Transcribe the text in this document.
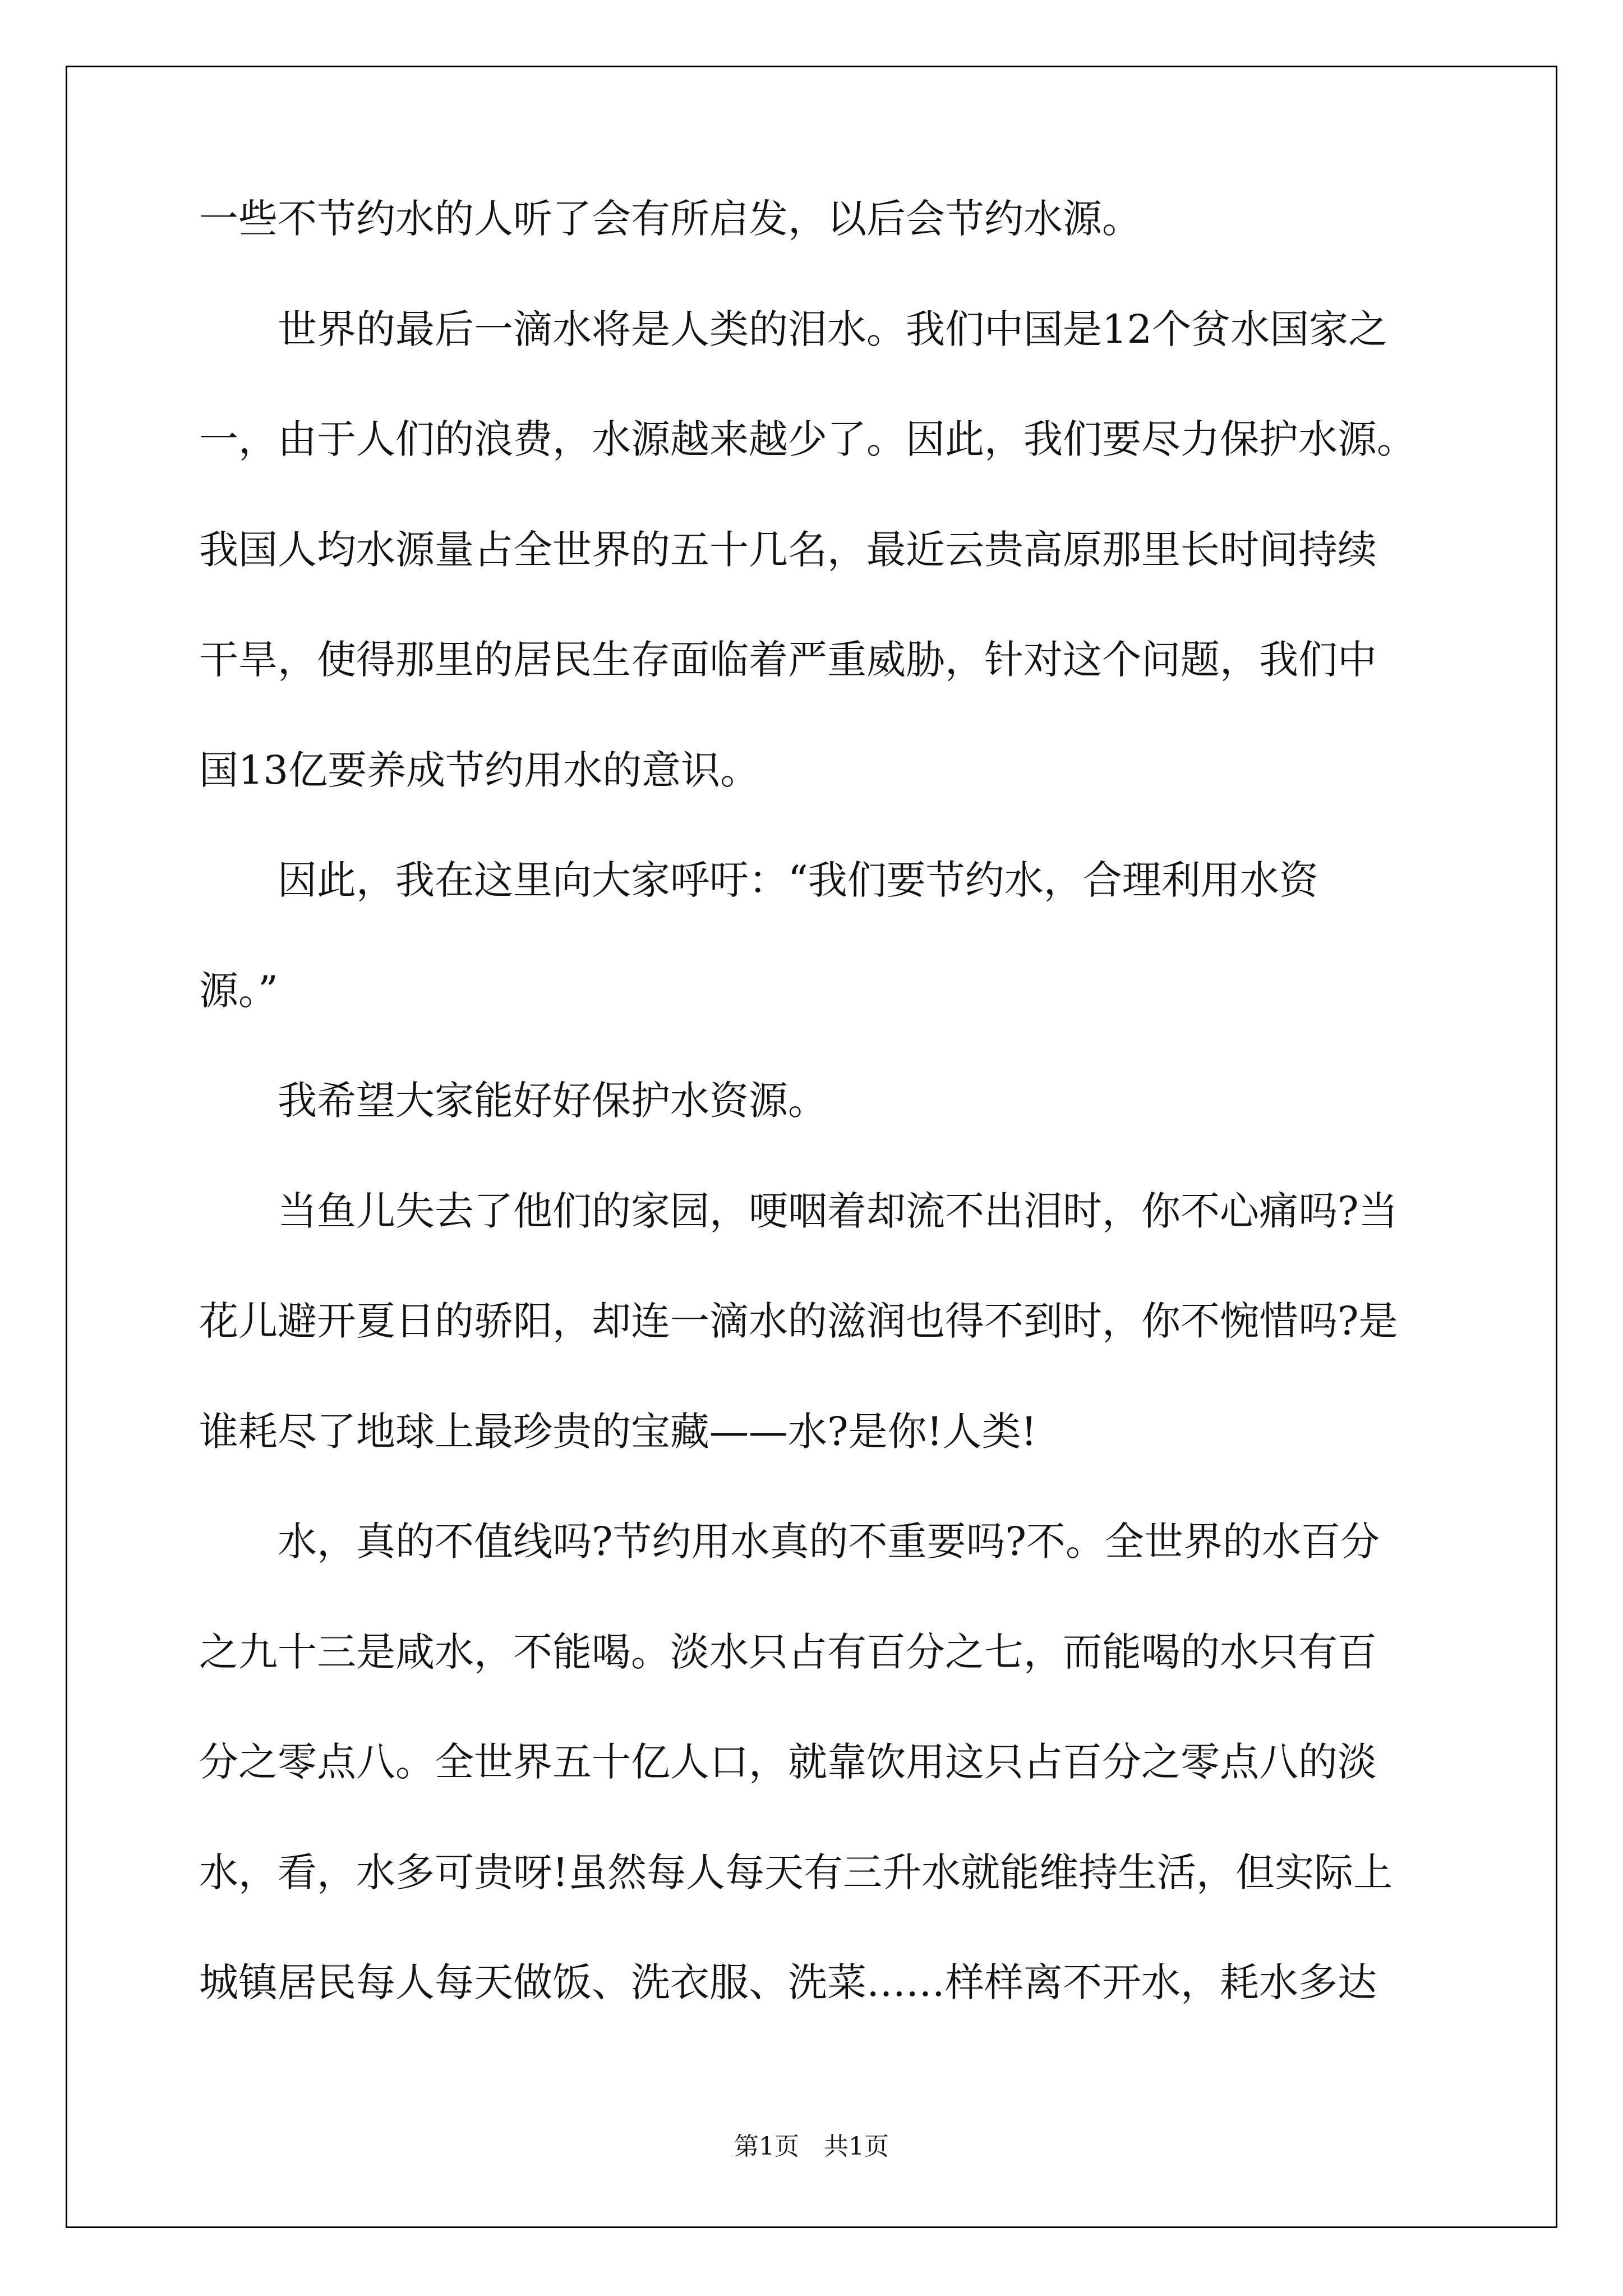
第1页　共1页
一些不节约水的人听了会有所启发，以后会节约水源。
　　世界的最后一滴水将是人类的泪水。我们中国是12个贫水国家之
一，由于人们的浪费，水源越来越少了。因此，我们要尽力保护水源。
我国人均水源量占全世界的五十几名，最近云贵高原那里长时间持续
干旱，使得那里的居民生存面临着严重威胁，针对这个问题，我们中
国13亿要养成节约用水的意识。
　　因此，我在这里向大家呼吁：“我们要节约水，合理利用水资
源。”
　　我希望大家能好好保护水资源。
　　当鱼儿失去了他们的家园，哽咽着却流不出泪时，你不心痛吗?当
花儿避开夏日的骄阳，却连一滴水的滋润也得不到时，你不惋惜吗?是
谁耗尽了地球上最珍贵的宝藏——水?是你!人类!
　　水，真的不值线吗?节约用水真的不重要吗?不。全世界的水百分
之九十三是咸水，不能喝。淡水只占有百分之七，而能喝的水只有百
分之零点八。全世界五十亿人口，就靠饮用这只占百分之零点八的淡
水，看，水多可贵呀!虽然每人每天有三升水就能维持生活，但实际上
城镇居民每人每天做饭、洗衣服、洗菜……样样离不开水，耗水多达
